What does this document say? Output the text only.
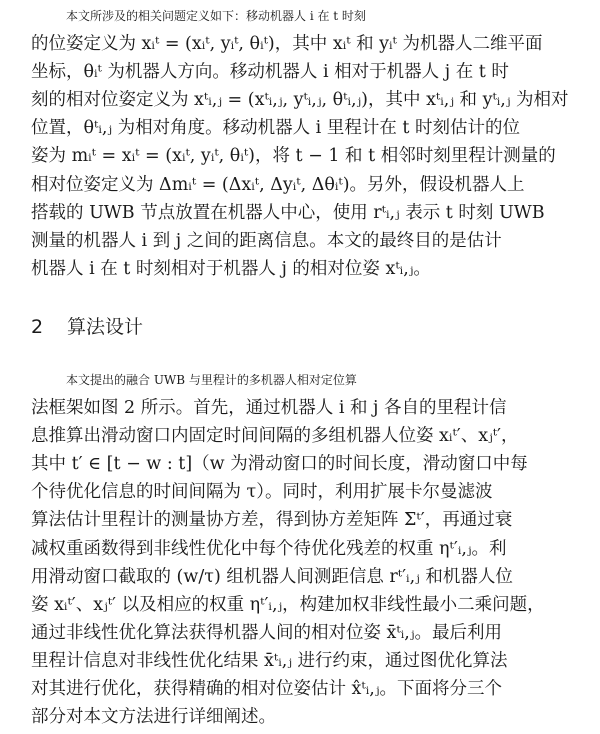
本文所涉及的相关问题定义如下：移动机器人 i 在 t 时刻
的位姿定义为 xᵢᵗ = (xᵢᵗ, yᵢᵗ, θᵢᵗ)，其中 xᵢᵗ 和 yᵢᵗ 为机器人二维平面
坐标，θᵢᵗ 为机器人方向。移动机器人 i 相对于机器人 j 在 t 时
刻的相对位姿定义为 xᵗᵢ,ⱼ = (xᵗᵢ,ⱼ, yᵗᵢ,ⱼ, θᵗᵢ,ⱼ)，其中 xᵗᵢ,ⱼ 和 yᵗᵢ,ⱼ 为相对
位置，θᵗᵢ,ⱼ 为相对角度。移动机器人 i 里程计在 t 时刻估计的位
姿为 mᵢᵗ = xᵢᵗ = (xᵢᵗ, yᵢᵗ, θᵢᵗ)，将 t − 1 和 t 相邻时刻里程计测量的
相对位姿定义为 Δmᵢᵗ = (Δxᵢᵗ, Δyᵢᵗ, Δθᵢᵗ)。另外，假设机器人上
搭载的 UWB 节点放置在机器人中心，使用 rᵗᵢ,ⱼ 表示 t 时刻 UWB
测量的机器人 i 到 j 之间的距离信息。本文的最终目的是估计
机器人 i 在 t 时刻相对于机器人 j 的相对位姿 xᵗᵢ,ⱼ。

2 算法设计

本文提出的融合 UWB 与里程计的多机器人相对定位算
法框架如图 2 所示。首先，通过机器人 i 和 j 各自的里程计信
息推算出滑动窗口内固定时间间隔的多组机器人位姿 xᵢᵗ′、xⱼᵗ′，
其中 t′ ∈ [t − w : t]（w 为滑动窗口的时间长度，滑动窗口中每
个待优化信息的时间间隔为 τ）。同时，利用扩展卡尔曼滤波
算法估计里程计的测量协方差，得到协方差矩阵 Σᵗ′，再通过衰
减权重函数得到非线性优化中每个待优化残差的权重 ηᵗ′ᵢ,ⱼ。利
用滑动窗口截取的 (w/τ) 组机器人间测距信息 rᵗ′ᵢ,ⱼ 和机器人位
姿 xᵢᵗ′、xⱼᵗ′ 以及相应的权重 ηᵗ′ᵢ,ⱼ，构建加权非线性最小二乘问题，
通过非线性优化算法获得机器人间的相对位姿 x̄ᵗᵢ,ⱼ。最后利用
里程计信息对非线性优化结果 x̄ᵗᵢ,ⱼ 进行约束，通过图优化算法
对其进行优化，获得精确的相对位姿估计 x̂ᵗᵢ,ⱼ。下面将分三个
部分对本文方法进行详细阐述。
